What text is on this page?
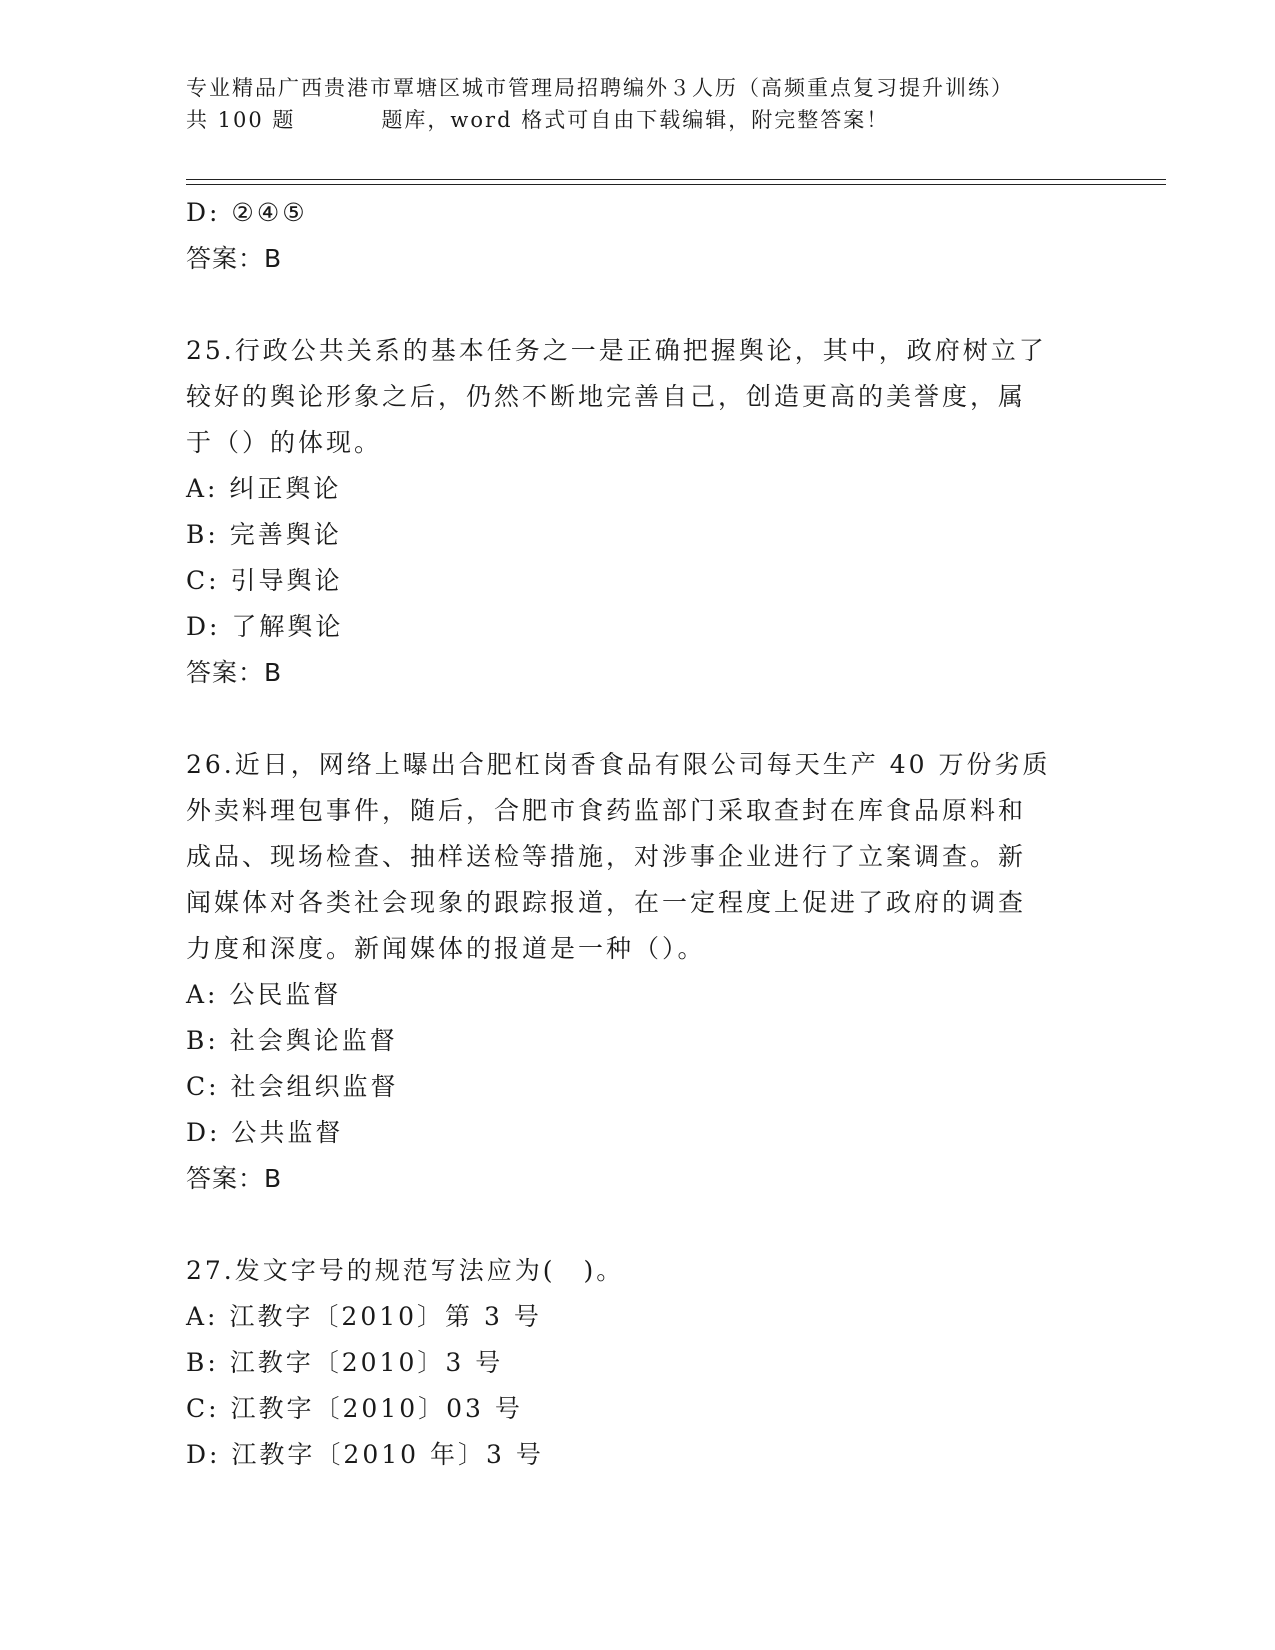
专业精品广西贵港市覃塘区城市管理局招聘编外３人历（高频重点复习提升训练）
共 100 题	题库，word 格式可自由下载编辑，附完整答案！
D: ②④⑤
答案：B
25.行政公共关系的基本任务之一是正确把握舆论，其中，政府树立了
较好的舆论形象之后，仍然不断地完善自己，创造更高的美誉度，属
于（）的体现。
A: 纠正舆论
B: 完善舆论
C: 引导舆论
D: 了解舆论
答案：B
26.近日，网络上曝出合肥杠岗香食品有限公司每天生产 40 万份劣质
外卖料理包事件，随后，合肥市食药监部门采取查封在库食品原料和
成品、现场检查、抽样送检等措施，对涉事企业进行了立案调查。新
闻媒体对各类社会现象的跟踪报道，在一定程度上促进了政府的调查
力度和深度。新闻媒体的报道是一种（）。
A: 公民监督
B: 社会舆论监督
C: 社会组织监督
D: 公共监督
答案：B
27.发文字号的规范写法应为(　)。
A: 江教字〔2010〕第 3 号
B: 江教字〔2010〕3 号
C: 江教字〔2010〕03 号
D: 江教字〔2010 年〕3 号
